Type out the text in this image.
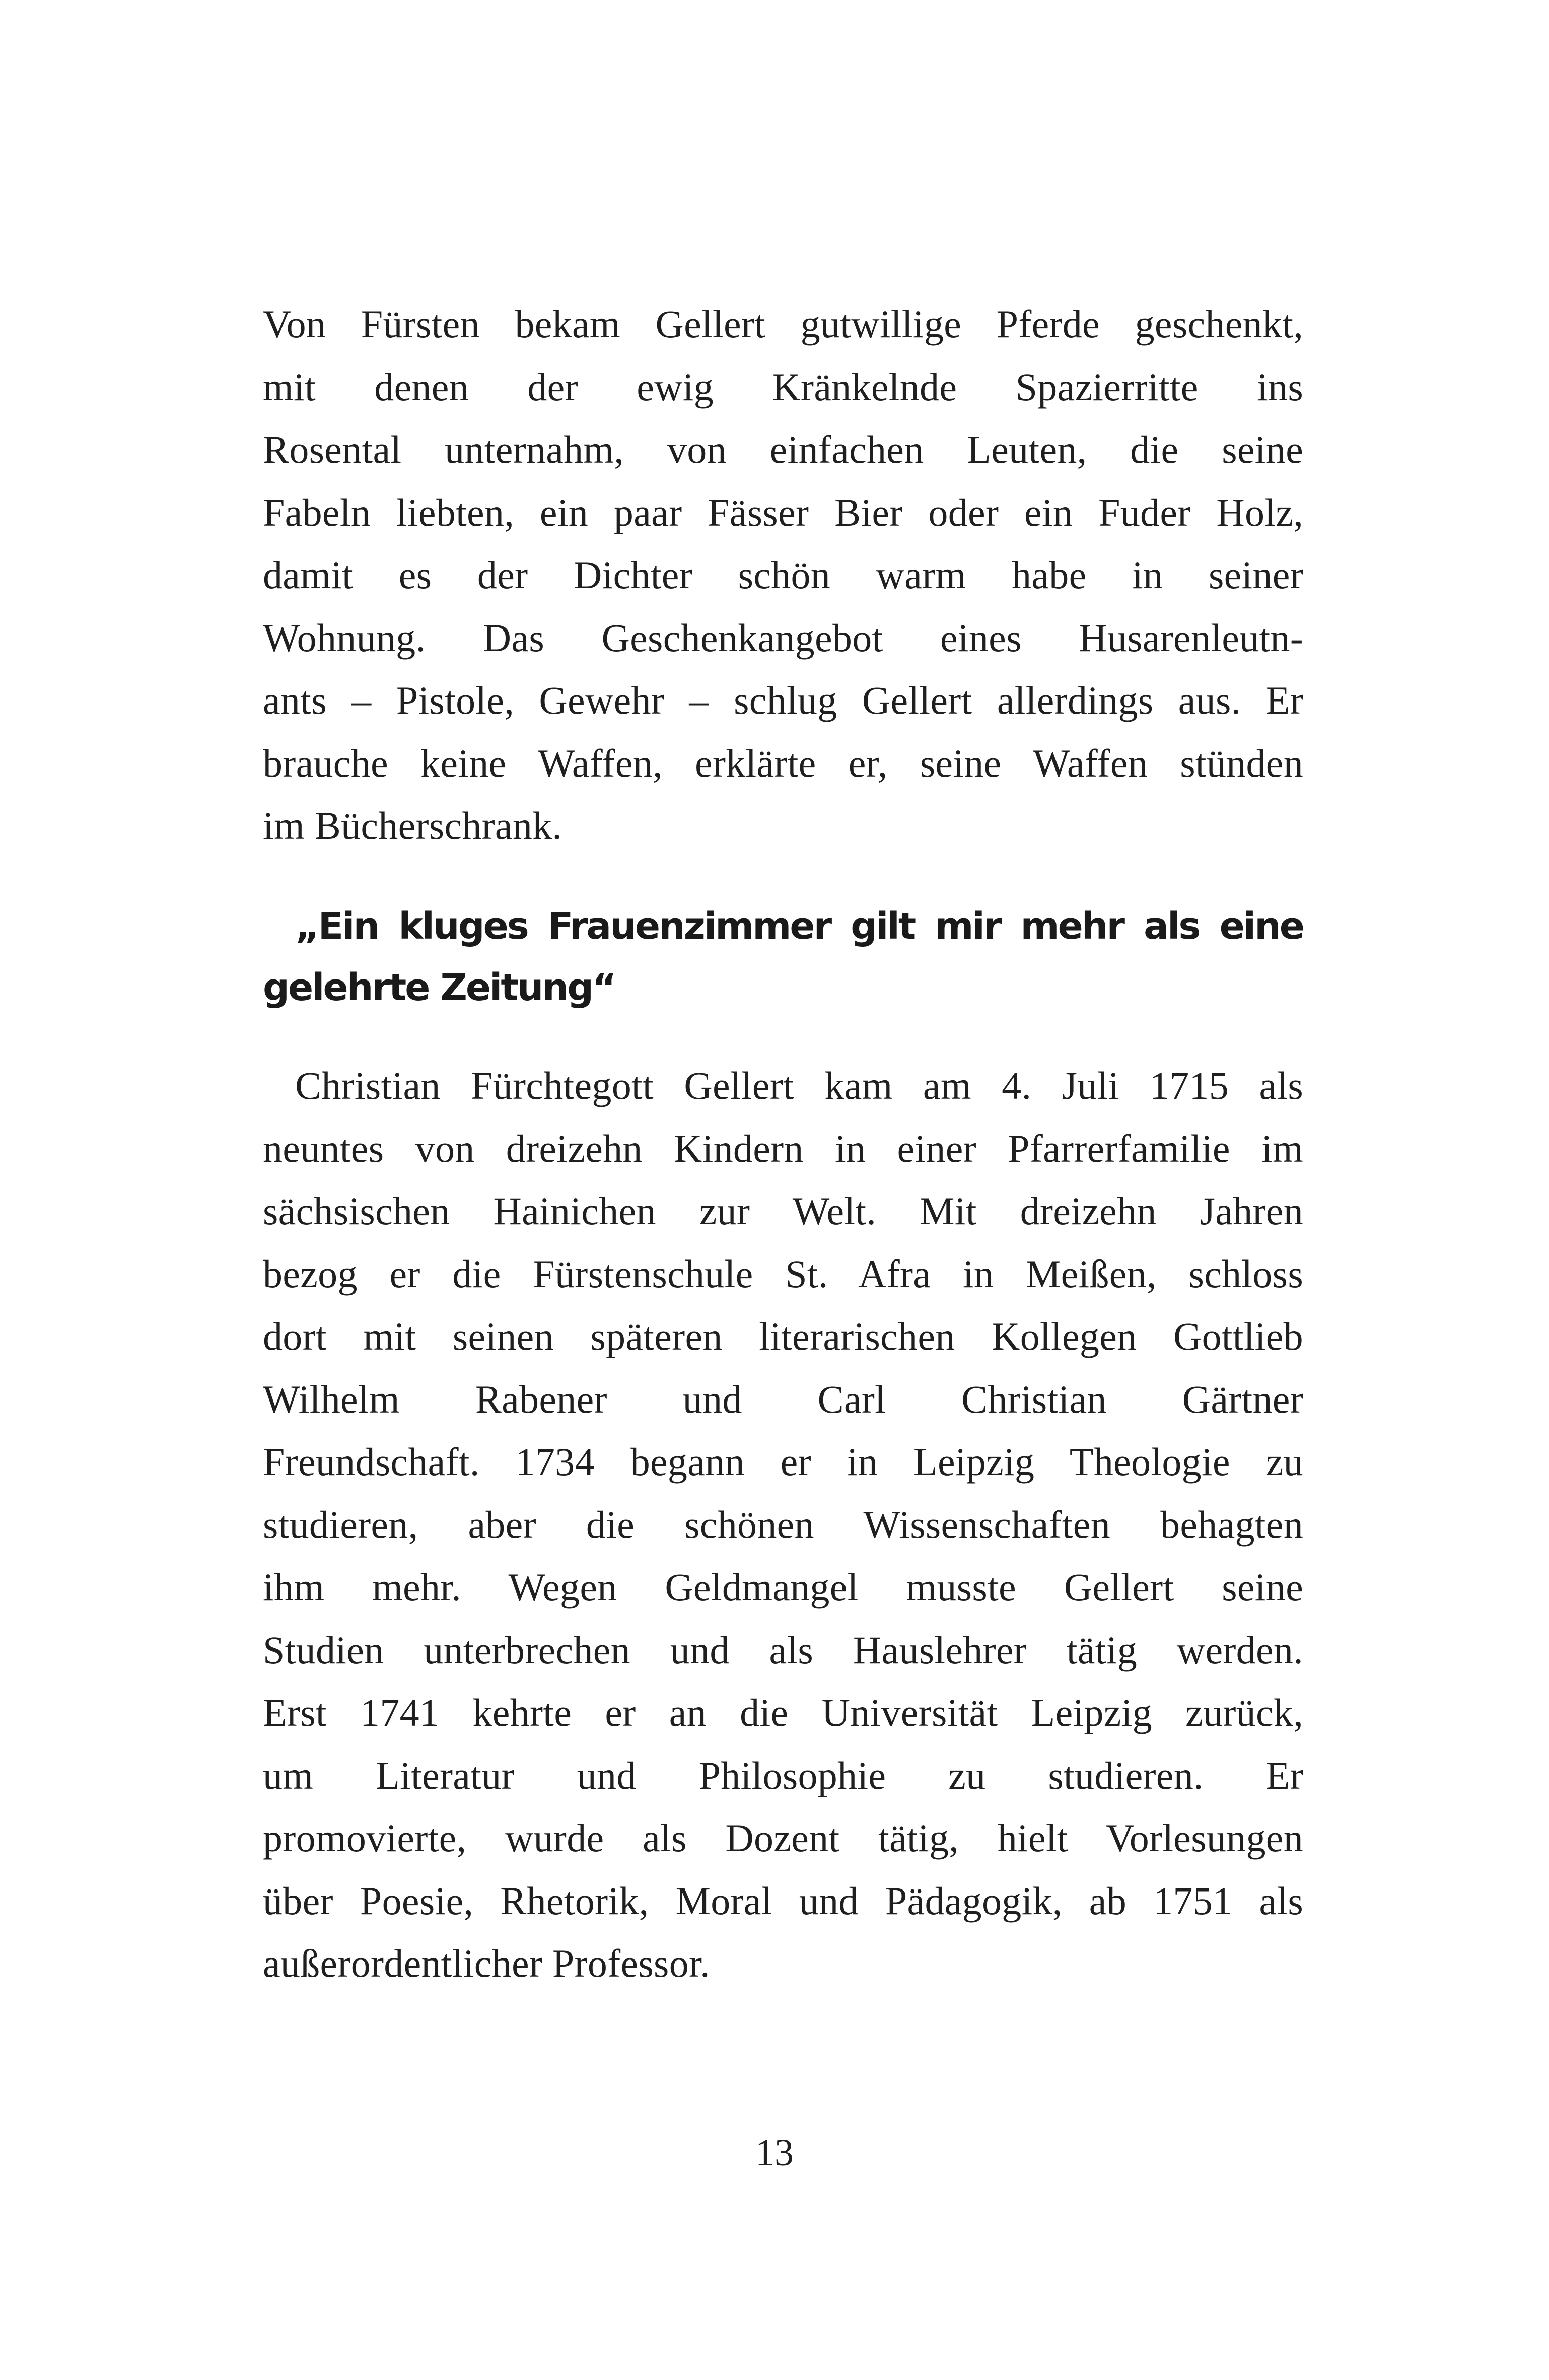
Von Fürsten bekam Gellert gutwillige Pferde geschenkt,
mit denen der ewig Kränkelnde Spazierritte ins
Rosental unternahm, von einfachen Leuten, die seine
Fabeln liebten, ein paar Fässer Bier oder ein Fuder Holz,
damit es der Dichter schön warm habe in seiner
Wohnung. Das Geschenkangebot eines Husarenleutn-
ants – Pistole, Gewehr – schlug Gellert allerdings aus. Er
brauche keine Waffen, erklärte er, seine Waffen stünden
im Bücherschrank.
„Ein kluges Frauenzimmer gilt mir mehr als eine
gelehrte Zeitung“
Christian Fürchtegott Gellert kam am 4. Juli 1715 als
neuntes von dreizehn Kindern in einer Pfarrerfamilie im
sächsischen Hainichen zur Welt. Mit dreizehn Jahren
bezog er die Fürstenschule St. Afra in Meißen, schloss
dort mit seinen späteren literarischen Kollegen Gottlieb
Wilhelm Rabener und Carl Christian Gärtner
Freundschaft. 1734 begann er in Leipzig Theologie zu
studieren, aber die schönen Wissenschaften behagten
ihm mehr. Wegen Geldmangel musste Gellert seine
Studien unterbrechen und als Hauslehrer tätig werden.
Erst 1741 kehrte er an die Universität Leipzig zurück,
um Literatur und Philosophie zu studieren. Er
promovierte, wurde als Dozent tätig, hielt Vorlesungen
über Poesie, Rhetorik, Moral und Pädagogik, ab 1751 als
außerordentlicher Professor.
13
